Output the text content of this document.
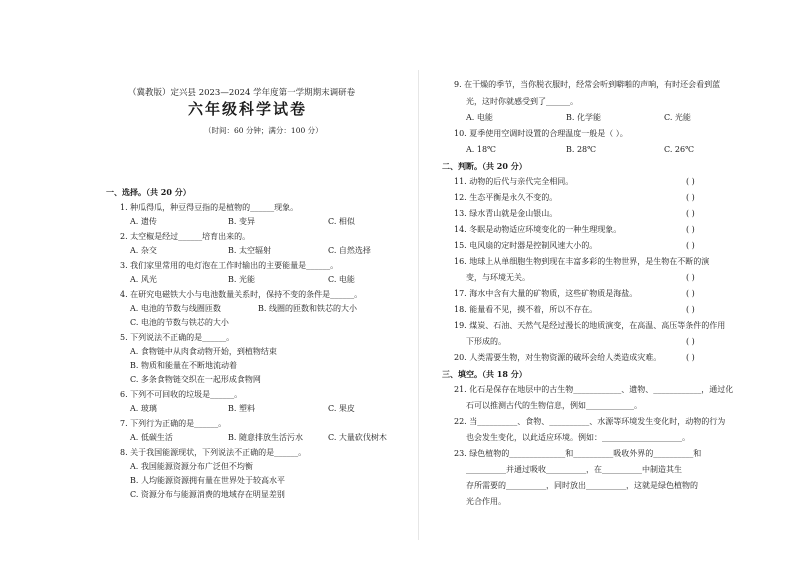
（冀教版）定兴县 2023—2024 学年度第一学期期末调研卷
六年级科学试卷
（时间：60 分钟；满分：100 分）
一、选择。（共 20 分）
1. 种瓜得瓜，种豆得豆指的是植物的______现象。
A. 遗传	B. 变异	C. 相似
2. 太空椒是经过______培育出来的。
A. 杂交	B. 太空辐射	C. 自然选择
3. 我们家里常用的电灯泡在工作时输出的主要能量是______。
A. 风光	B. 光能	C. 电能
4. 在研究电磁铁大小与电池数量关系时，保持不变的条件是______。
A. 电池的节数与线圈匝数	B. 线圈的匝数和铁芯的大小
C. 电池的节数与铁芯的大小
5. 下列说法不正确的是______。
A. 食物链中从肉食动物开始，到植物结束
B. 物质和能量在不断地流动着
C. 多条食物链交织在一起形成食物网
6. 下列不可回收的垃圾是______。
A. 玻璃	B. 塑料	C. 果皮
7. 下列行为正确的是______。
A. 低碳生活	B. 随意排放生活污水	C. 大量砍伐树木
8. 关于我国能源现状，下列说法不正确的是______。
A. 我国能源资源分布广泛但不均衡
B. 人均能源资源拥有量在世界处于较高水平
C. 资源分布与能源消费的地域存在明显差别
9. 在干燥的季节，当你脱衣服时，经常会听到噼啪的声响，有时还会看到蓝
光，这时你就感受到了______。
A. 电能	B. 化学能	C. 光能
10. 夏季使用空调时设置的合理温度一般是（ ）。
A. 18℃	B. 28℃	C. 26℃
二、判断。（共 20 分）
11. 动物的后代与亲代完全相同。	( )
12. 生态平衡是永久不变的。	( )
13. 绿水青山就是金山银山。	( )
14. 冬眠是动物适应环境变化的一种生理现象。	( )
15. 电风扇的定时器是控制风速大小的。	( )
16. 地球上从单细胞生物到现在丰富多彩的生物世界，是生物在不断的演
变，与环境无关。	( )
17. 海水中含有大量的矿物质，这些矿物质是海盐。	( )
18. 能量看不见，摸不着，所以不存在。	( )
19. 煤炭、石油、天然气是经过漫长的地质演变，在高温、高压等条件的作用
下形成的。	( )
20. 人类需要生物，对生物资源的破坏会给人类造成灾难。	( )
三、填空。（共 18 分）
21. 化石是保存在地层中的古生物____________、遗物、____________，通过化
石可以推测古代的生物信息，例如____________。
22. 当__________、食物、__________、水源等环境发生变化时，动物的行为
也会发生变化，以此适应环境。例如：____________________。
23. 绿色植物的______________和__________吸收外界的__________和
__________并通过吸收__________，在__________中制造其生
存所需要的__________，同时放出__________，这就是绿色植物的
光合作用。
